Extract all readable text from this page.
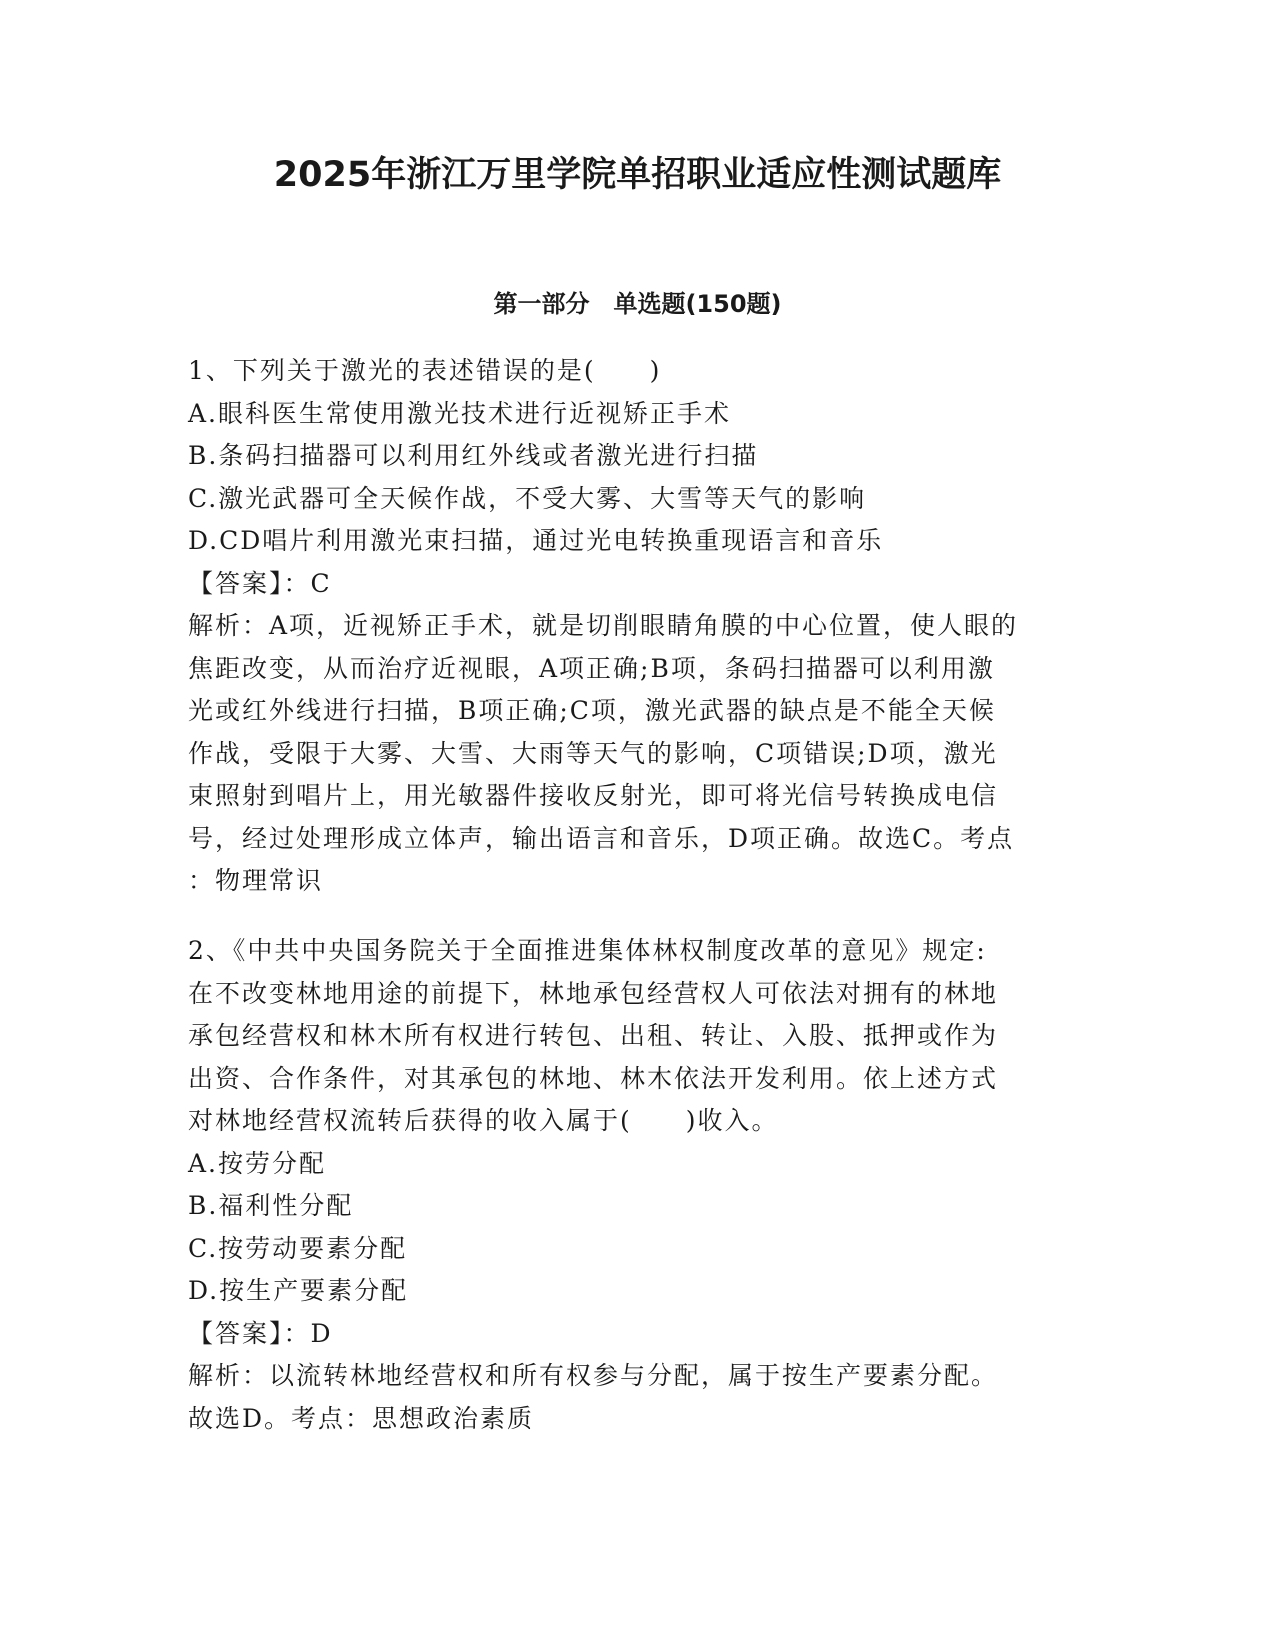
2025年浙江万里学院单招职业适应性测试题库
第一部分　单选题(150题)
1、下列关于激光的表述错误的是(　　)
A.眼科医生常使用激光技术进行近视矫正手术
B.条码扫描器可以利用红外线或者激光进行扫描
C.激光武器可全天候作战，不受大雾、大雪等天气的影响
D.CD唱片利用激光束扫描，通过光电转换重现语言和音乐
【答案】：C
解析：A项，近视矫正手术，就是切削眼睛角膜的中心位置，使人眼的
焦距改变，从而治疗近视眼，A项正确;B项，条码扫描器可以利用激
光或红外线进行扫描，B项正确;C项，激光武器的缺点是不能全天候
作战，受限于大雾、大雪、大雨等天气的影响，C项错误;D项，激光
束照射到唱片上，用光敏器件接收反射光，即可将光信号转换成电信
号，经过处理形成立体声，输出语言和音乐，D项正确。故选C。考点
：物理常识
2、《中共中央国务院关于全面推进集体林权制度改革的意见》规定:
在不改变林地用途的前提下，林地承包经营权人可依法对拥有的林地
承包经营权和林木所有权进行转包、出租、转让、入股、抵押或作为
出资、合作条件，对其承包的林地、林木依法开发利用。依上述方式
对林地经营权流转后获得的收入属于(　　)收入。
A.按劳分配
B.福利性分配
C.按劳动要素分配
D.按生产要素分配
【答案】：D
解析：以流转林地经营权和所有权参与分配，属于按生产要素分配。
故选D。考点：思想政治素质
